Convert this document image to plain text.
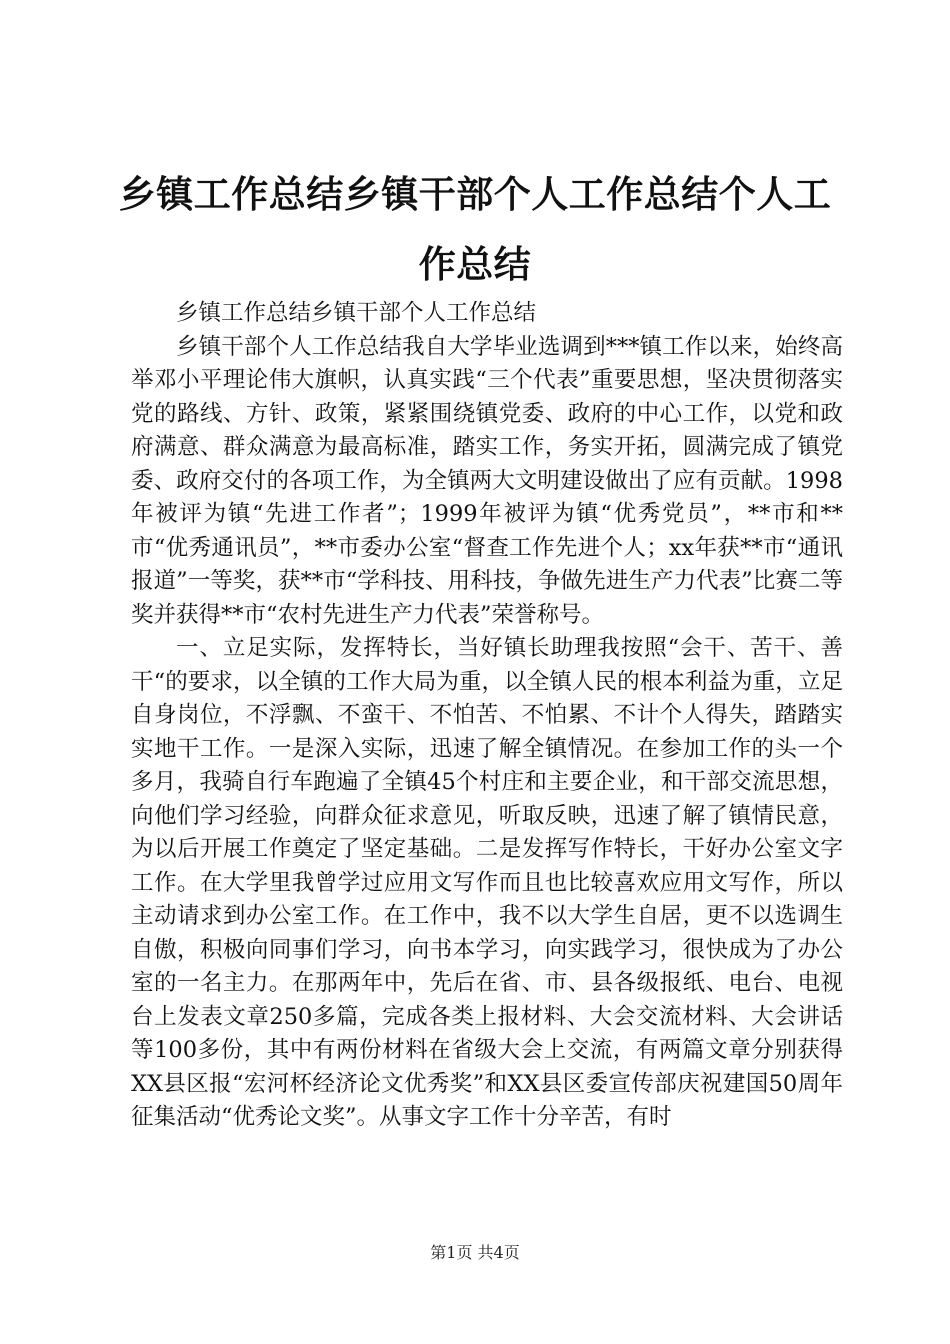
乡镇工作总结乡镇干部个人工作总结个人工作总结

乡镇工作总结乡镇干部个人工作总结

乡镇干部个人工作总结我自大学毕业选调到***镇工作以来，始终高举邓小平理论伟大旗帜，认真实践“三个代表”重要思想，坚决贯彻落实党的路线、方针、政策，紧紧围绕镇党委、政府的中心工作，以党和政府满意、群众满意为最高标准，踏实工作，务实开拓，圆满完成了镇党委、政府交付的各项工作，为全镇两大文明建设做出了应有贡献。1998年被评为镇“先进工作者”；1999年被评为镇“优秀党员”，**市和**市“优秀通讯员”，**市委办公室“督查工作先进个人；xx年获**市“通讯报道”一等奖，获**市“学科技、用科技，争做先进生产力代表”比赛二等奖并获得**市“农村先进生产力代表”荣誉称号。

一、立足实际，发挥特长，当好镇长助理我按照“会干、苦干、善干“的要求，以全镇的工作大局为重，以全镇人民的根本利益为重，立足自身岗位，不浮飘、不蛮干、不怕苦、不怕累、不计个人得失，踏踏实实地干工作。一是深入实际，迅速了解全镇情况。在参加工作的头一个多月，我骑自行车跑遍了全镇45个村庄和主要企业，和干部交流思想，向他们学习经验，向群众征求意见，听取反映，迅速了解了镇情民意，为以后开展工作奠定了坚定基础。二是发挥写作特长，干好办公室文字工作。在大学里我曾学过应用文写作而且也比较喜欢应用文写作，所以主动请求到办公室工作。在工作中，我不以大学生自居，更不以选调生自傲，积极向同事们学习，向书本学习，向实践学习，很快成为了办公室的一名主力。在那两年中，先后在省、市、县各级报纸、电台、电视台上发表文章250多篇，完成各类上报材料、大会交流材料、大会讲话等100多份，其中有两份材料在省级大会上交流，有两篇文章分别获得XX县区报“宏河杯经济论文优秀奖”和XX县区委宣传部庆祝建国50周年征集活动“优秀论文奖”。从事文字工作十分辛苦，有时

第1页 共4页
